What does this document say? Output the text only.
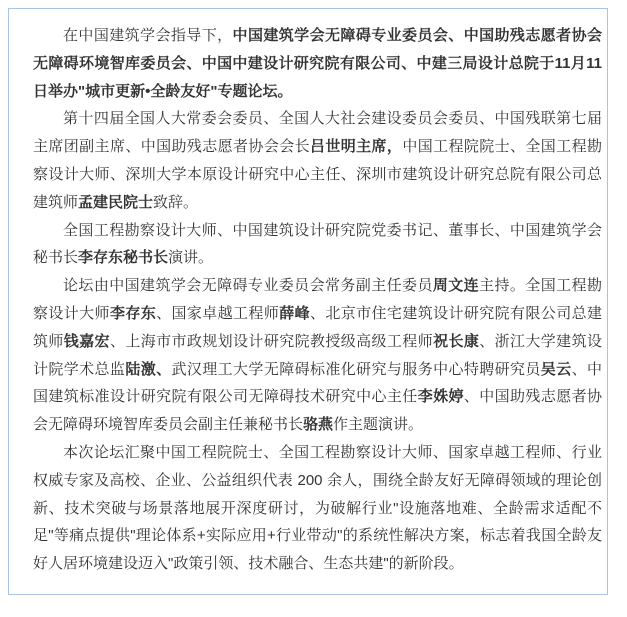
在中国建筑学会指导下，中国建筑学会无障碍专业委员会、中国助残志愿者协会无障碍环境智库委员会、中国中建设计研究院有限公司、中建三局设计总院于11月11日举办"城市更新•全龄友好"专题论坛。

第十四届全国人大常委会委员、全国人大社会建设委员会委员、中国残联第七届主席团副主席、中国助残志愿者协会会长吕世明主席，中国工程院院士、全国工程勘察设计大师、深圳大学本原设计研究中心主任、深圳市建筑设计研究总院有限公司总建筑师孟建民院士致辞。

全国工程勘察设计大师、中国建筑设计研究院党委书记、董事长、中国建筑学会秘书长李存东秘书长演讲。

论坛由中国建筑学会无障碍专业委员会常务副主任委员周文连主持。全国工程勘察设计大师李存东、国家卓越工程师薛峰、北京市住宅建筑设计研究院有限公司总建筑师钱嘉宏、上海市市政规划设计研究院教授级高级工程师祝长康、浙江大学建筑设计院学术总监陆激、武汉理工大学无障碍标准化研究与服务中心特聘研究员吴云、中国建筑标准设计研究院有限公司无障碍技术研究中心主任李姝婷、中国助残志愿者协会无障碍环境智库委员会副主任兼秘书长骆燕作主题演讲。

本次论坛汇聚中国工程院院士、全国工程勘察设计大师、国家卓越工程师、行业权威专家及高校、企业、公益组织代表 200 余人，围绕全龄友好无障碍领域的理论创新、技术突破与场景落地展开深度研讨，为破解行业"设施落地难、全龄需求适配不足"等痛点提供"理论体系+实际应用+行业带动"的系统性解决方案，标志着我国全龄友好人居环境建设迈入"政策引领、技术融合、生态共建"的新阶段。
